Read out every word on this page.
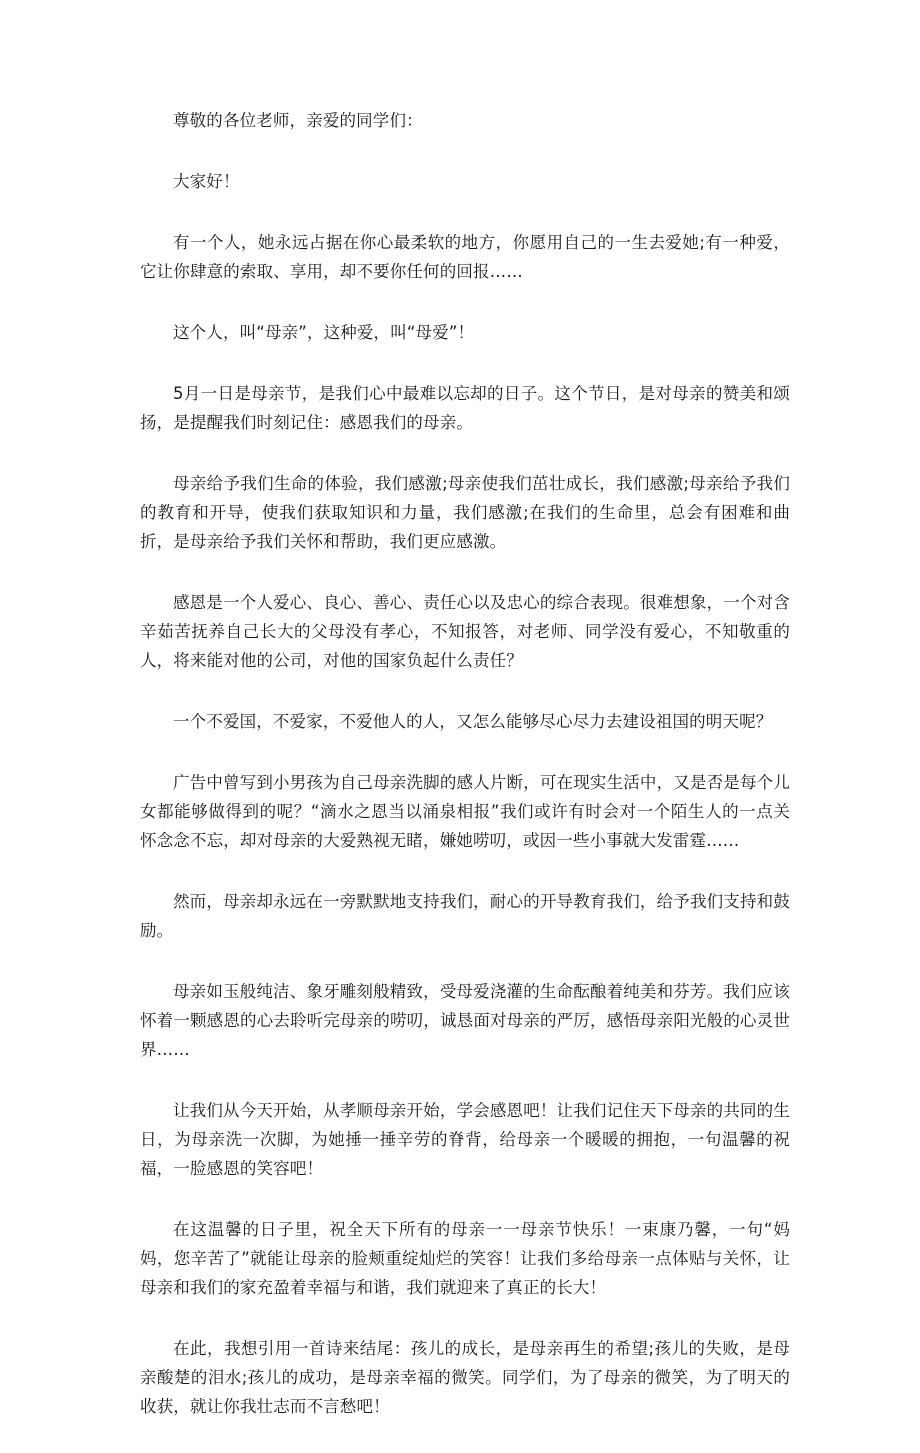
尊敬的各位老师，亲爱的同学们：

大家好！

有一个人，她永远占据在你心最柔软的地方，你愿用自己的一生去爱她;有一种爱，它让你肆意的索取、享用，却不要你任何的回报……

这个人，叫“母亲”，这种爱，叫“母爱”！

5月一日是母亲节，是我们心中最难以忘却的日子。这个节日，是对母亲的赞美和颂扬，是提醒我们时刻记住：感恩我们的母亲。

母亲给予我们生命的体验，我们感激;母亲使我们茁壮成长，我们感激;母亲给予我们的教育和开导，使我们获取知识和力量，我们感激;在我们的生命里，总会有困难和曲折，是母亲给予我们关怀和帮助，我们更应感激。

感恩是一个人爱心、良心、善心、责任心以及忠心的综合表现。很难想象，一个对含辛茹苦抚养自己长大的父母没有孝心，不知报答，对老师、同学没有爱心，不知敬重的人，将来能对他的公司，对他的国家负起什么责任？

一个不爱国，不爱家，不爱他人的人，又怎么能够尽心尽力去建设祖国的明天呢？

广告中曾写到小男孩为自己母亲洗脚的感人片断，可在现实生活中，又是否是每个儿女都能够做得到的呢？“滴水之恩当以涌泉相报”我们或许有时会对一个陌生人的一点关怀念念不忘，却对母亲的大爱熟视无睹，嫌她唠叨，或因一些小事就大发雷霆……

然而，母亲却永远在一旁默默地支持我们，耐心的开导教育我们，给予我们支持和鼓励。

母亲如玉般纯洁、象牙雕刻般精致，受母爱浇灌的生命酝酿着纯美和芬芳。我们应该怀着一颗感恩的心去聆听完母亲的唠叨，诚恳面对母亲的严厉，感悟母亲阳光般的心灵世界……

让我们从今天开始，从孝顺母亲开始，学会感恩吧！让我们记住天下母亲的共同的生日，为母亲洗一次脚，为她捶一捶辛劳的脊背，给母亲一个暖暖的拥抱，一句温馨的祝福，一脸感恩的笑容吧！

在这温馨的日子里，祝全天下所有的母亲一一母亲节快乐！一束康乃馨，一句“妈妈，您辛苦了”就能让母亲的脸颊重绽灿烂的笑容！让我们多给母亲一点体贴与关怀，让母亲和我们的家充盈着幸福与和谐，我们就迎来了真正的长大！

在此，我想引用一首诗来结尾：孩儿的成长，是母亲再生的希望;孩儿的失败，是母亲酸楚的泪水;孩儿的成功，是母亲幸福的微笑。同学们，为了母亲的微笑，为了明天的收获，就让你我壮志而不言愁吧！
